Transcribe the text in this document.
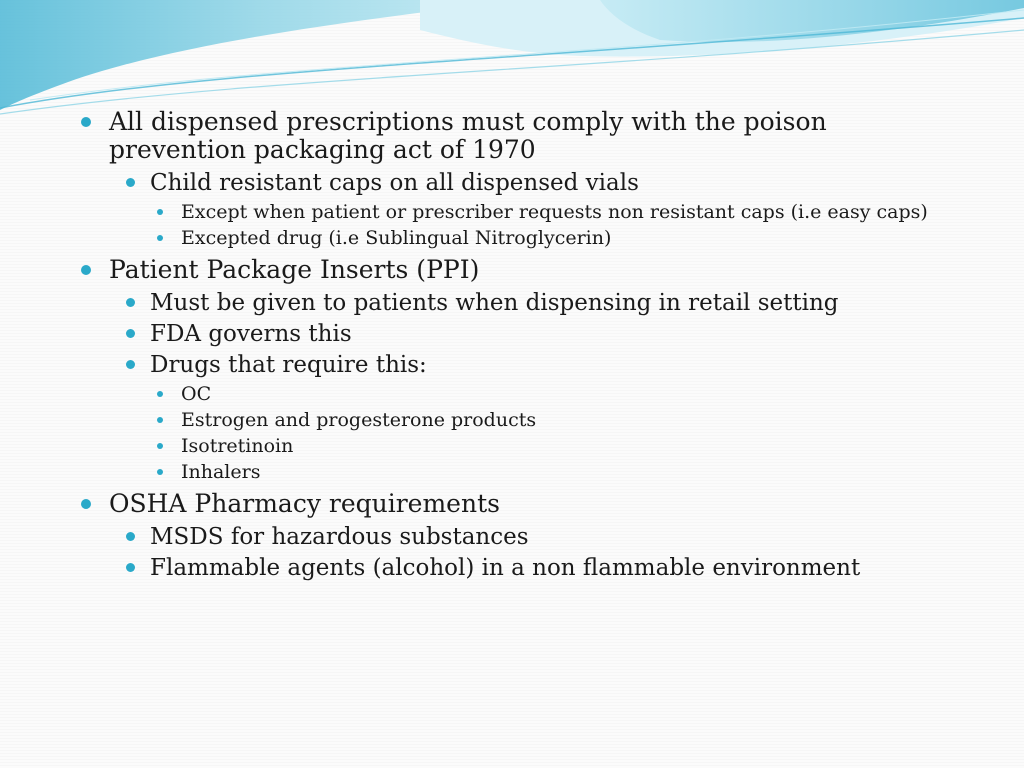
All dispensed prescriptions must comply with the poison prevention packaging act of 1970

Child resistant caps on all dispensed vials

Except when patient or prescriber requests non resistant caps (i.e easy caps)

Excepted drug (i.e Sublingual Nitroglycerin)

Patient Package Inserts (PPI)

Must be given to patients when dispensing in retail setting

FDA governs this

Drugs that require this:

OC

Estrogen and progesterone products

Isotretinoin

Inhalers

OSHA Pharmacy requirements

MSDS for hazardous substances

Flammable agents (alcohol) in a non flammable environment
